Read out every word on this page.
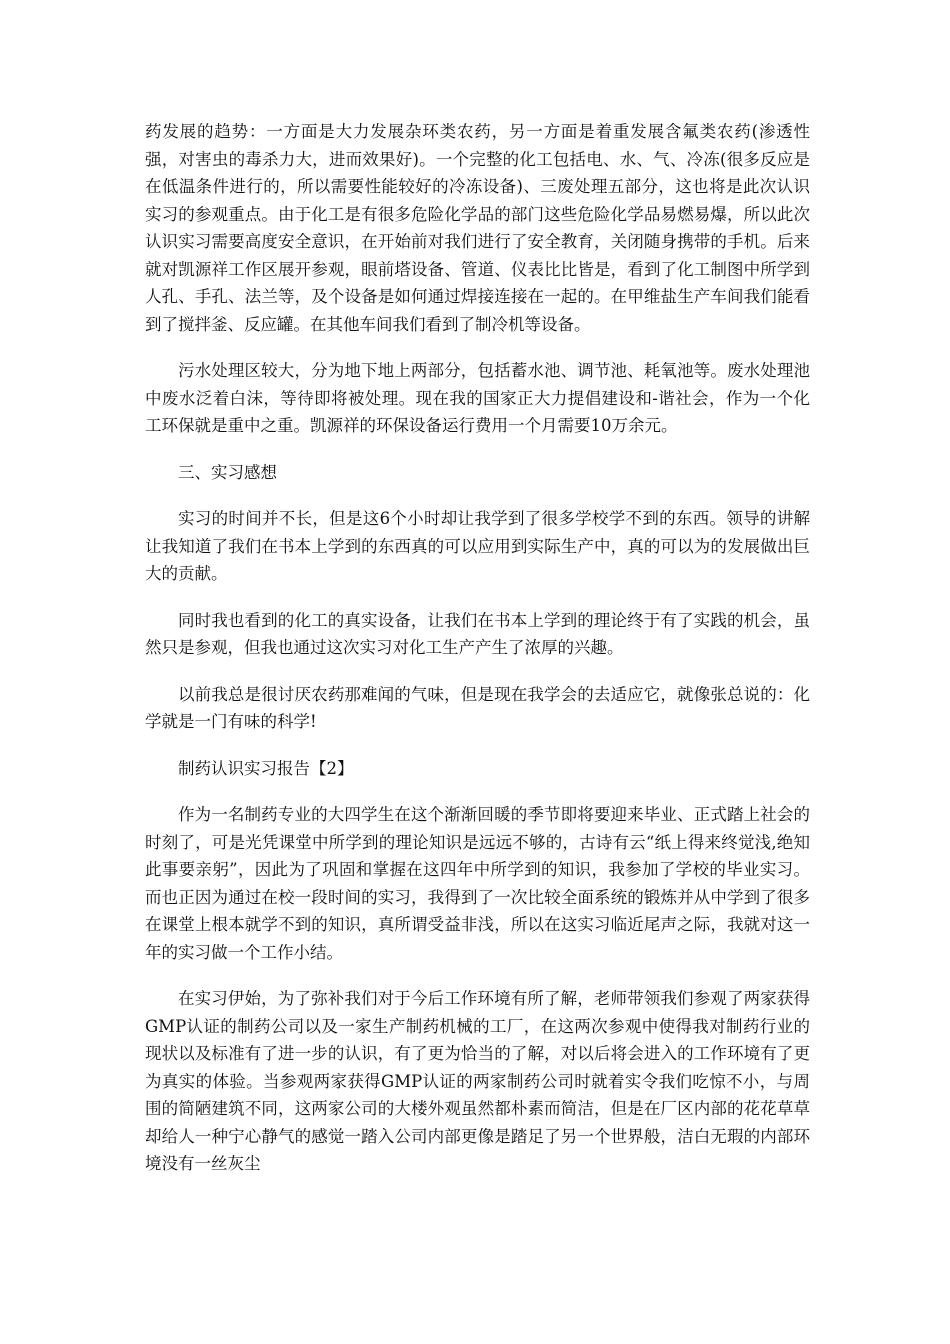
药发展的趋势：一方面是大力发展杂环类农药，另一方面是着重发展含氟类农药(渗透性强，对害虫的毒杀力大，进而效果好)。一个完整的化工包括电、水、气、冷冻(很多反应是在低温条件进行的，所以需要性能较好的冷冻设备)、三废处理五部分，这也将是此次认识实习的参观重点。由于化工是有很多危险化学品的部门这些危险化学品易燃易爆，所以此次认识实习需要高度安全意识，在开始前对我们进行了安全教育，关闭随身携带的手机。后来就对凯源祥工作区展开参观，眼前塔设备、管道、仪表比比皆是，看到了化工制图中所学到人孔、手孔、法兰等，及个设备是如何通过焊接连接在一起的。在甲维盐生产车间我们能看到了搅拌釜、反应罐。在其他车间我们看到了制冷机等设备。

污水处理区较大，分为地下地上两部分，包括蓄水池、调节池、耗氧池等。废水处理池中废水泛着白沫，等待即将被处理。现在我的国家正大力提倡建设和-谐社会，作为一个化工环保就是重中之重。凯源祥的环保设备运行费用一个月需要10万余元。

三、实习感想

实习的时间并不长，但是这6个小时却让我学到了很多学校学不到的东西。领导的讲解让我知道了我们在书本上学到的东西真的可以应用到实际生产中，真的可以为的发展做出巨大的贡献。

同时我也看到的化工的真实设备，让我们在书本上学到的理论终于有了实践的机会，虽然只是参观，但我也通过这次实习对化工生产产生了浓厚的兴趣。

以前我总是很讨厌农药那难闻的气味，但是现在我学会的去适应它，就像张总说的：化学就是一门有味的科学!

制药认识实习报告【2】

作为一名制药专业的大四学生在这个渐渐回暖的季节即将要迎来毕业、正式踏上社会的时刻了，可是光凭课堂中所学到的理论知识是远远不够的，古诗有云“纸上得来终觉浅,绝知此事要亲躬”，因此为了巩固和掌握在这四年中所学到的知识，我参加了学校的毕业实习。而也正因为通过在校一段时间的实习，我得到了一次比较全面系统的锻炼并从中学到了很多在课堂上根本就学不到的知识，真所谓受益非浅，所以在这实习临近尾声之际，我就对这一年的实习做一个工作小结。

在实习伊始，为了弥补我们对于今后工作环境有所了解，老师带领我们参观了两家获得GMP认证的制药公司以及一家生产制药机械的工厂，在这两次参观中使得我对制药行业的现状以及标准有了进一步的认识，有了更为恰当的了解，对以后将会进入的工作环境有了更为真实的体验。当参观两家获得GMP认证的两家制药公司时就着实令我们吃惊不小，与周围的简陋建筑不同，这两家公司的大楼外观虽然都朴素而简洁，但是在厂区内部的花花草草却给人一种宁心静气的感觉一踏入公司内部更像是踏足了另一个世界般，洁白无瑕的内部环境没有一丝灰尘
